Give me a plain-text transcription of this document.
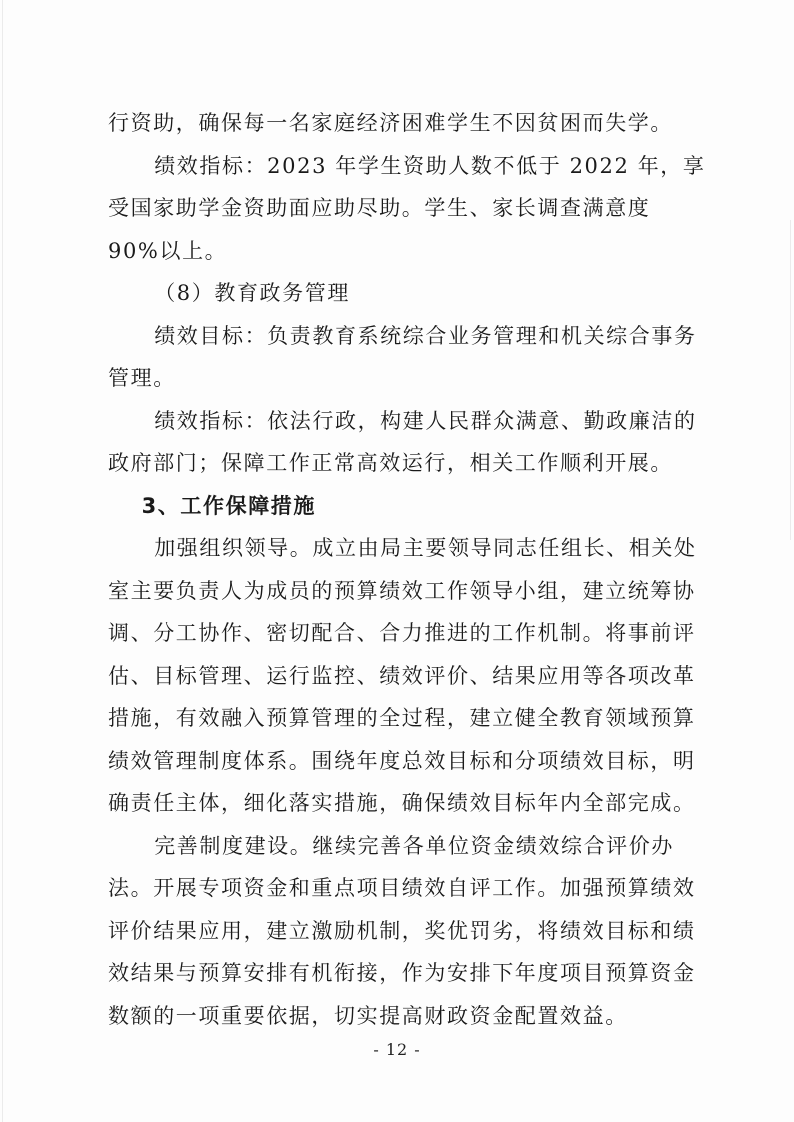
行资助，确保每一名家庭经济困难学生不因贫困而失学。

绩效指标：2023 年学生资助人数不低于 2022 年，享受国家助学金资助面应助尽助。学生、家长调查满意度 90%以上。

（8）教育政务管理

绩效目标：负责教育系统综合业务管理和机关综合事务管理。

绩效指标：依法行政，构建人民群众满意、勤政廉洁的政府部门；保障工作正常高效运行，相关工作顺利开展。

3、工作保障措施

加强组织领导。成立由局主要领导同志任组长、相关处室主要负责人为成员的预算绩效工作领导小组，建立统筹协调、分工协作、密切配合、合力推进的工作机制。将事前评估、目标管理、运行监控、绩效评价、结果应用等各项改革措施，有效融入预算管理的全过程，建立健全教育领域预算绩效管理制度体系。围绕年度总效目标和分项绩效目标，明确责任主体，细化落实措施，确保绩效目标年内全部完成。

完善制度建设。继续完善各单位资金绩效综合评价办法。开展专项资金和重点项目绩效自评工作。加强预算绩效评价结果应用，建立激励机制，奖优罚劣，将绩效目标和绩效结果与预算安排有机衔接，作为安排下年度项目预算资金数额的一项重要依据，切实提高财政资金配置效益。

- 12 -
